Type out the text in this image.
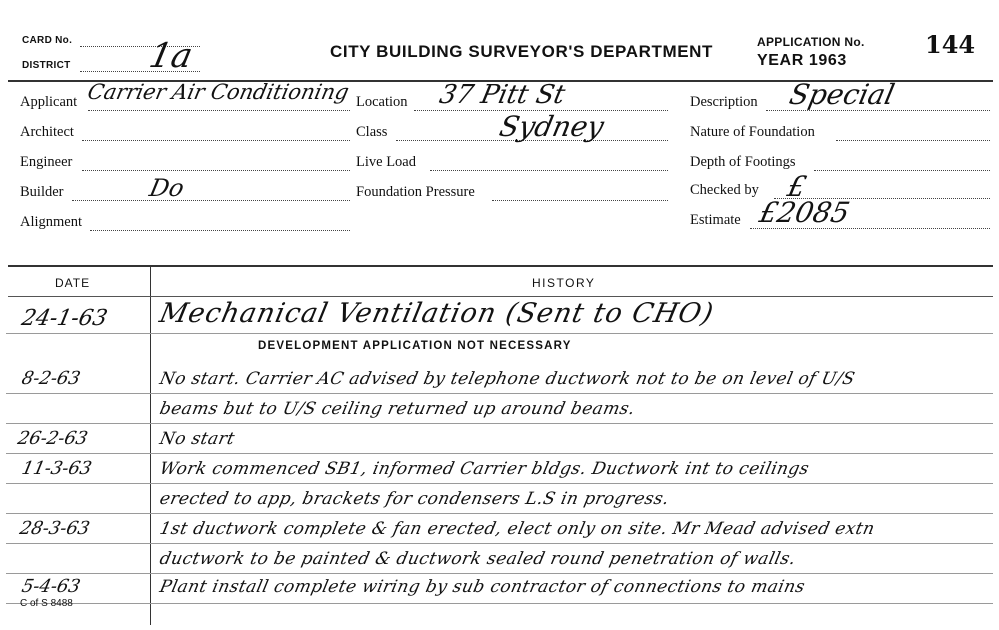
CARD No.
DISTRICT 1a	CITY BUILDING SURVEYOR'S DEPARTMENT	APPLICATION No.
YEAR 1963
144
Applicant Carrier Air Conditioning
Architect
Engineer
Builder	Do
Alignment
Location 37 Pitt St
Class	Sydney
Live Load
Foundation Pressure
Description Special
Nature of Foundation
Depth of Footings
Checked by £
Estimate £2085
DATE	HISTORY
24-1-63 Mechanical Ventilation (Sent to CHO)
DEVELOPMENT APPLICATION NOT NECESSARY
8-2-63	No start. Carrier AC advised by telephone ductwork not to be on level of U/S
beams but to U/S ceiling returned up around beams.
26-2-63	No start
11-3-63	Work commenced SB1, informed Carrier bldgs. Ductwork int to ceilings
erected to app, brackets for condensers L.S in progress.
28-3-63	1st ductwork complete & fan erected, elect only on site. Mr Mead advised extn
ductwork to be painted & ductwork sealed round penetration of walls.
5-4-63	Plant install complete wiring by sub contractor of connections to mains
C of S 8488
